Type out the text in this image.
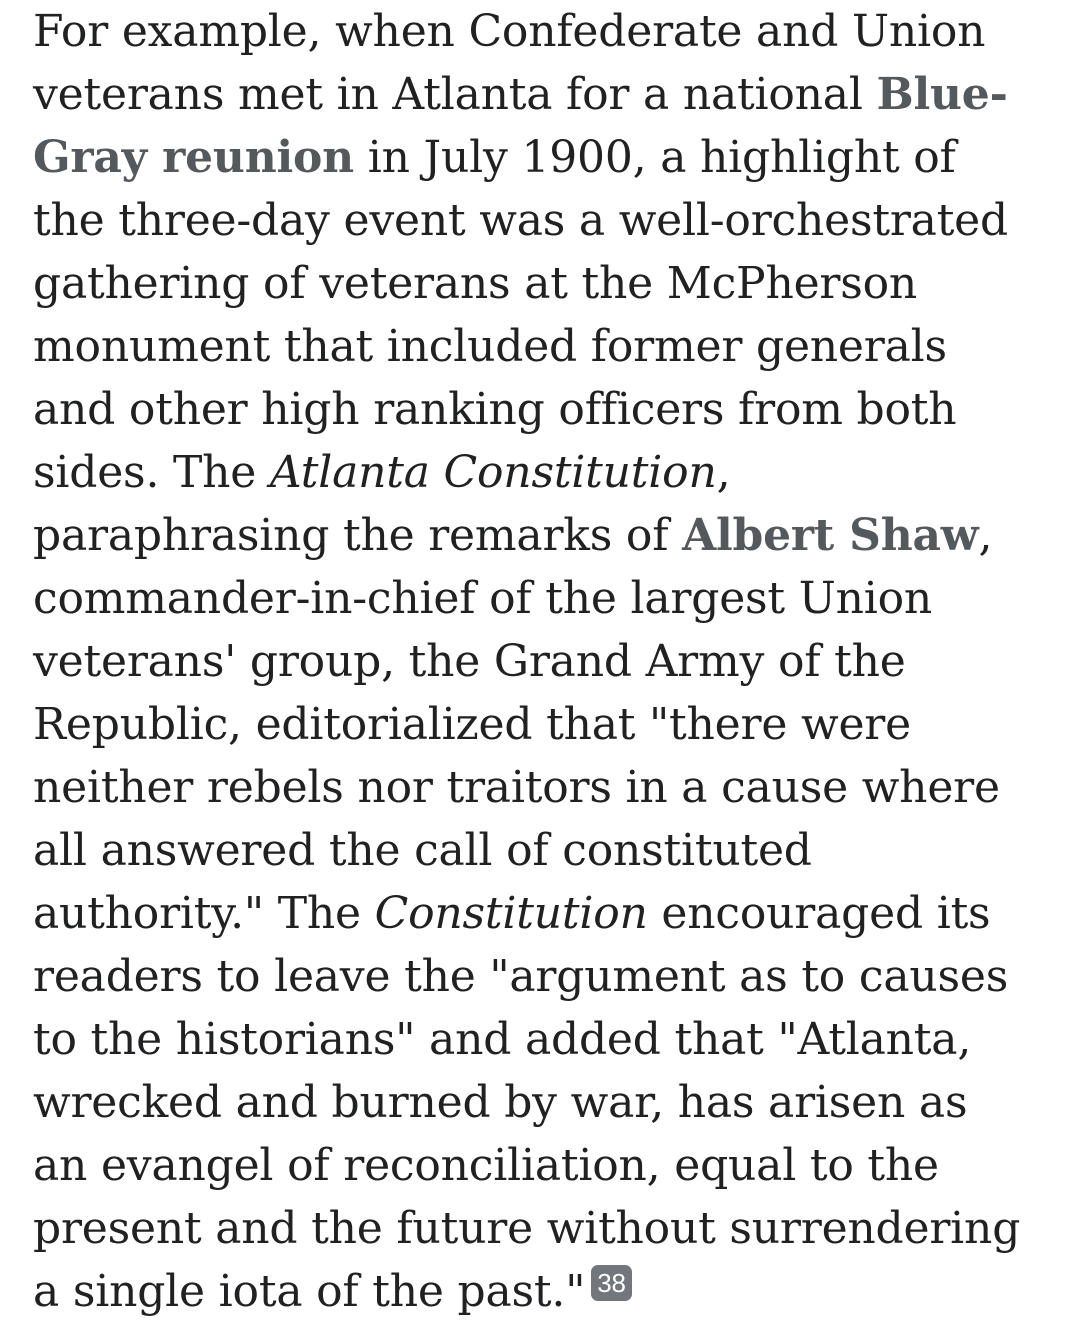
For example, when Confederate and Union veterans met in Atlanta for a national Blue-Gray reunion in July 1900, a highlight of the three-day event was a well-orchestrated gathering of veterans at the McPherson monument that included former generals and other high ranking officers from both sides. The Atlanta Constitution, paraphrasing the remarks of Albert Shaw, commander-in-chief of the largest Union veterans' group, the Grand Army of the Republic, editorialized that "there were neither rebels nor traitors in a cause where all answered the call of constituted authority." The Constitution encouraged its readers to leave the "argument as to causes to the historians" and added that "Atlanta, wrecked and burned by war, has arisen as an evangel of reconciliation, equal to the present and the future without surrendering a single iota of the past." 38
